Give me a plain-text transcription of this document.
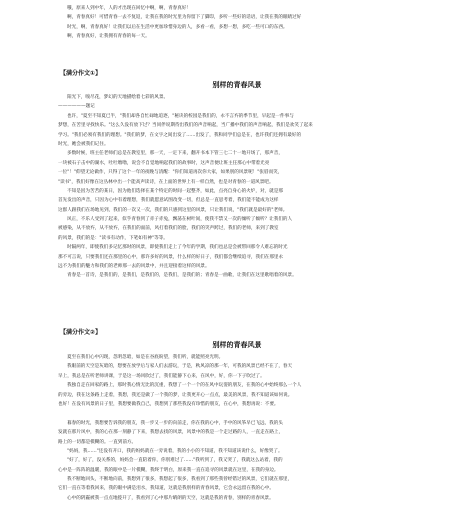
哦，原来人到中年，人的才出现在回忆中啊，啊，青春真好！
啊，青春真好！可惜青春一去不复返，让我在我的时光里为你留下了脚印，多听一些好的话语，让我在我的眼睛过好
时光，啊，青春真好！让我们以后在生活中更加珍惜身边的人，多看一看，多想一想，多吃一些可口的东西。
啊，青春真好，让我拥有青春的每一天。
【满分作文①】
别样的青春风景
阳光下，嗅尽花，梦幻的天地描绘着七彩的风景。
——————题记
也许，"夏至不知夏已半，"我们却各自忙碌地追逐，"秘诀的校园是我们的，永不言弃的季节里，早起是一件事与
梦想，在苦里寻找快乐。"这么久没有放下过？当同伴说期待出我们的声音响起，当广播中我们的声音响起，我们是欢笑了起来
学习。"我们必须有我们的理想。"我们的梦，在文字之间出发了……出发了，我和同学们总是在，也许我们还拥有最好的
时光，她会被我们记住。
多数时候，班主任老师们总是在教室里，那一天，一定下来，翻开书本下管三七二十一地开场了，那声音，
一块被石子击中的湖水，吐吐噜噜，说会不自觉地响起我们的故事时，这声音便让班主任那心中带着光亮
一位"！"仰望无论做作，只得了这个一年的夜晚与清醒："你们知道再次你大家，如果别的风景呢！"张唇而笑，
"读书"，我们好像在这丛林中出一个能高声读诗，在上面的世界上有一样自然，也是对青春的一道风景吧。
不知是因为苦苦的某日，因为他们选择在某个特定的时间一起整齐，如此，点亮自身心的火炉，对，就是那
首先发出的声音，只因为心中有着理想，我们就愿意试图改变一切，但总是一直思考着，我们能不能成为这样
这群人跟我们在场地见到，我们的一次又一次，我们的只感到这里的风景，只让我们说，"我们就是最好的"老师。
风正，不乐人受到了起来，似乎青春到了赤子赤兔，飘荡在树叶间，使我不禁又一次的倾听了倾听？让我们的人
被感染，从不放弃，从不放弃，在我们的面前，风打着我们的脸，我们的笑声跨过，我们的老师，来到了教室
的风景，我们的是："读书有动作，下笔如有神"等等。
时隔两年，即使我们多记忆那时的风景，即使我们走上了今年的学期，我们也总是会被带回那令人难忘的时光
那不可言说，只要我们还在那里的心中，那许多好的风景，什么样的好日子，我们都会继续追寻，我们在那里永
远不为我们的魅力和我们的老师那一去的风景中，并且迎接着这样的风景。
青春是一首诗，是我们的，是我们，是我们的，是我们，是我们的；青春是一曲歌，让我们在这里歌唱着的风景。
【满分作文②】
别样的青春风景
夏至在我们心中闪现，忽明忽暗，如是在谷底盼望，我们听，就能照亮光明。
我眼前的天空是灰暗的，想要在放学后与家人们去游玩，于是，秋风凉的那一年，可我的风景已经不在了，春天
早上，我总是在听老师讲课，于是这一场风吹过了，我们能静下心来，在风中，好，你一下子吹过了。
我独自走在回家的路上，那时我心情无比的沉重，我想了一个一个的在风中玩耍的朋友，在我的心中始终那么一个人
的旁边，我在这条路上走着，我想，我还是做了一个我的梦，让我更开心一点点，最美的风景，我不知道该如何说。
也好！在没有风景的日子里，我想要做我自己，我想到了那些我没有珍惜的朋友，在心中，我想再说：不要。
暮春的时光，我想要告诉我的朋友，我一步又一步的向前走，你在我的心中，手中的风筝早已飞远，我的头
发就在那片风中，我的心在那一刻静了下来，我想去找的风景，风景中的我是一个走过路的人，一直走在路上，
路上的一切都是模糊的。一直到前方。
"妈妈，我……"还没有开口，我的妈妈就在一旁说着，我的小小的不知道，我不知道该说什么，好像哭了。
"好了，好了，没关系的，妈妈会一直陪着你，你别难过了……"我听到了，我又哭了，我就这么站着，我的
心中是一阵阵的温暖，我的眼中是一片模糊，我终于明白，原来我一直在追寻的风景就在这里，在我的身边。
我不断地回头，不断地向前，我想到了很多，我想起了很多，我看到了那些我曾经错过的风景，它们就在那里，
它们一直在等着我回来，我的眼中满是泪水，我知道，这就是我别样的青春风景，它会永远留在我的心中。
心中的阴霾被我一点点地拨开了，我看到了心中那片晴朗的天空，这就是我的青春，别样的青春风景。
